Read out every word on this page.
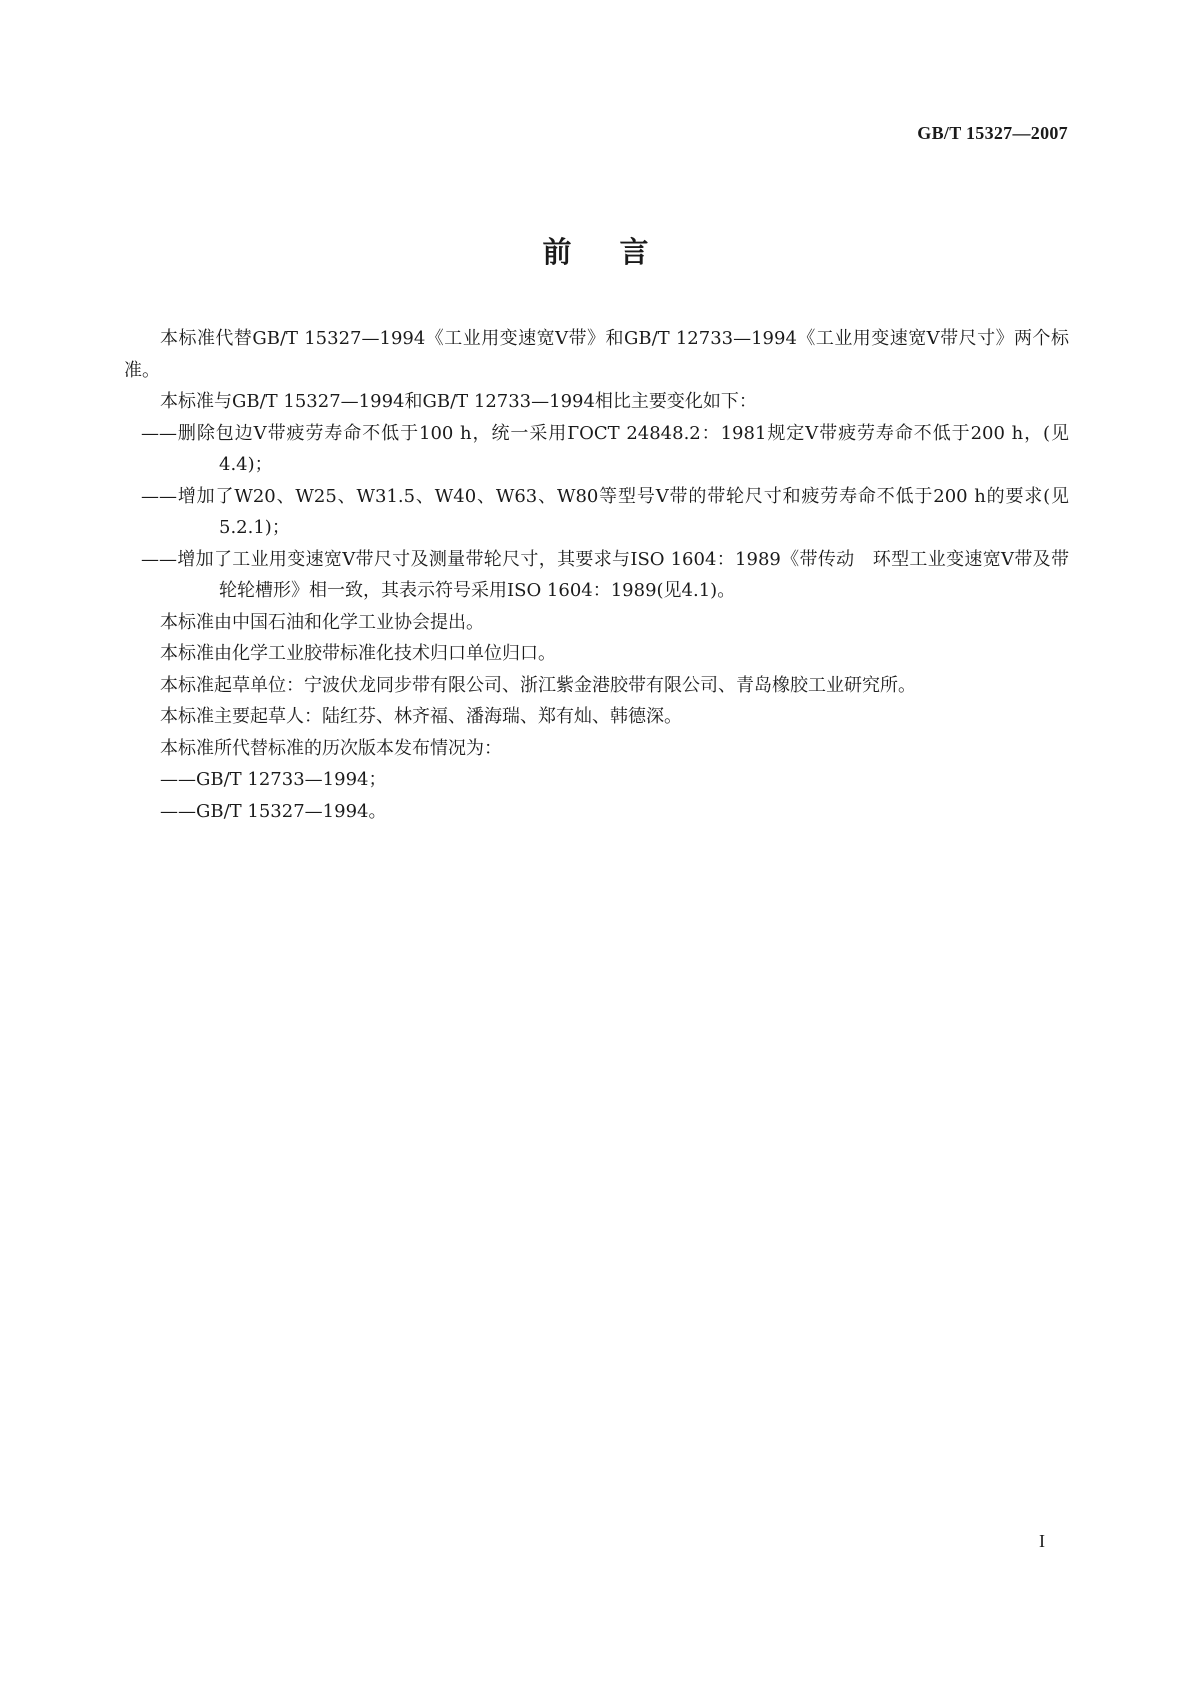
GB/T 15327—2007
前言

本标准代替GB/T 15327—1994《工业用变速宽V带》和GB/T 12733—1994《工业用变速宽V带尺寸》两个标准。

本标准与GB/T 15327—1994和GB/T 12733—1994相比主要变化如下：

——删除包边V带疲劳寿命不低于100 h，统一采用ГОСТ 24848.2：1981规定V带疲劳寿命不低于200 h，(见4.4)；

——增加了W20、W25、W31.5、W40、W63、W80等型号V带的带轮尺寸和疲劳寿命不低于200 h的要求(见5.2.1)；

——增加了工业用变速宽V带尺寸及测量带轮尺寸，其要求与ISO 1604：1989《带传动　环型工业变速宽V带及带轮轮槽形》相一致，其表示符号采用ISO 1604：1989(见4.1)。

本标准由中国石油和化学工业协会提出。

本标准由化学工业胶带标准化技术归口单位归口。

本标准起草单位：宁波伏龙同步带有限公司、浙江紫金港胶带有限公司、青岛橡胶工业研究所。

本标准主要起草人：陆红芬、林齐福、潘海瑞、郑有灿、韩德深。

本标准所代替标准的历次版本发布情况为：

——GB/T 12733—1994；

——GB/T 15327—1994。

I
